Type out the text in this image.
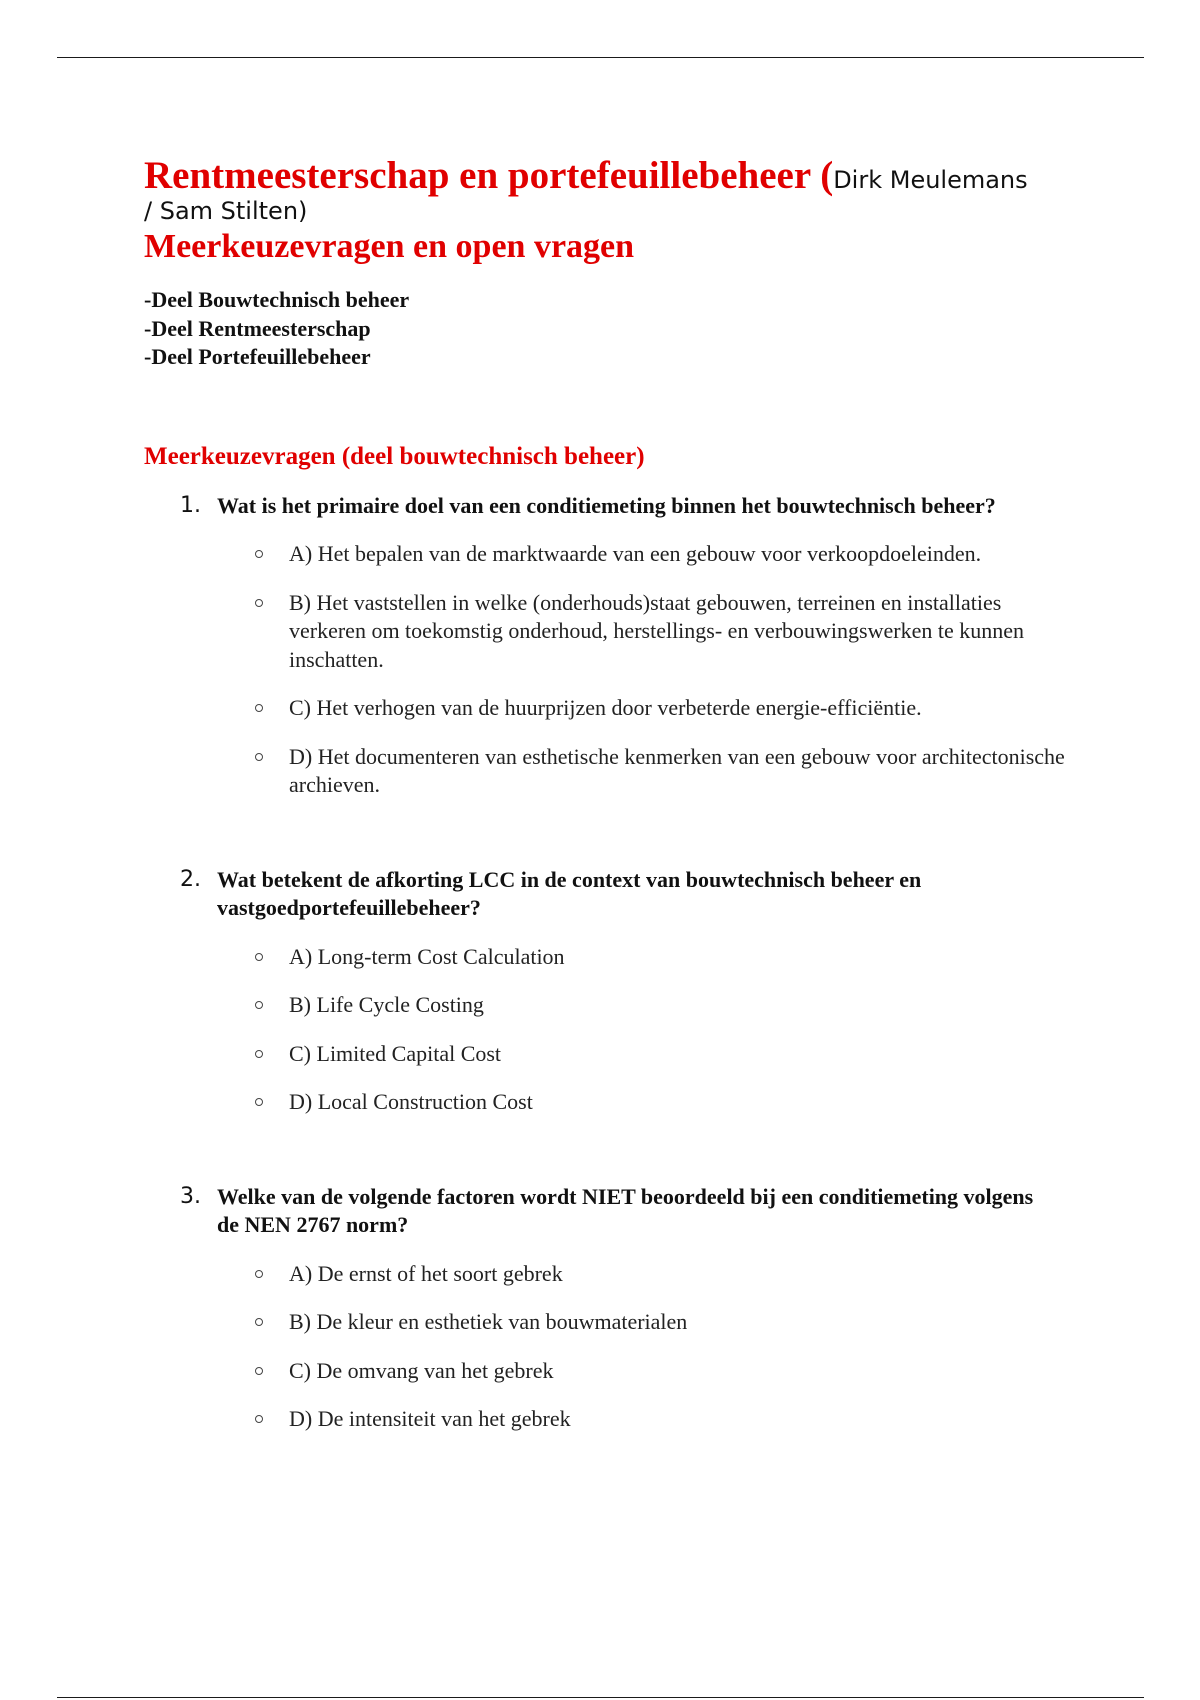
Rentmeesterschap en portefeuillebeheer (Dirk Meulemans
/ Sam Stilten)
Meerkeuzevragen en open vragen
-Deel Bouwtechnisch beheer
-Deel Rentmeesterschap
-Deel Portefeuillebeheer
Meerkeuzevragen (deel bouwtechnisch beheer)
1. Wat is het primaire doel van een conditiemeting binnen het bouwtechnisch beheer?
A) Het bepalen van de marktwaarde van een gebouw voor verkoopdoeleinden.
B) Het vaststellen in welke (onderhouds)staat gebouwen, terreinen en installaties verkeren om toekomstig onderhoud, herstellings- en verbouwingswerken te kunnen inschatten.
C) Het verhogen van de huurprijzen door verbeterde energie-efficiëntie.
D) Het documenteren van esthetische kenmerken van een gebouw voor architectonische archieven.
2. Wat betekent de afkorting LCC in de context van bouwtechnisch beheer en vastgoedportefeuillebeheer?
A) Long-term Cost Calculation
B) Life Cycle Costing
C) Limited Capital Cost
D) Local Construction Cost
3. Welke van de volgende factoren wordt NIET beoordeeld bij een conditiemeting volgens de NEN 2767 norm?
A) De ernst of het soort gebrek
B) De kleur en esthetiek van bouwmaterialen
C) De omvang van het gebrek
D) De intensiteit van het gebrek
